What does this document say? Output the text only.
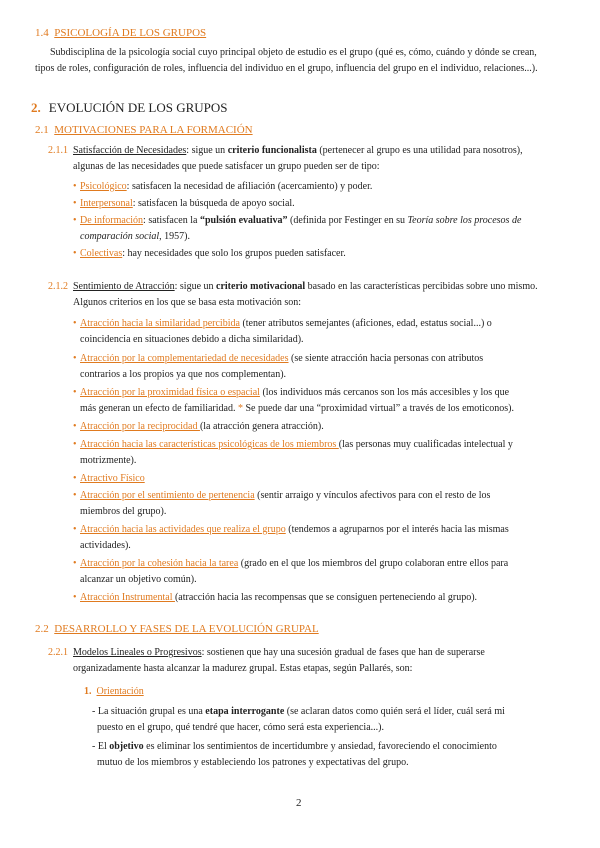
1.4 PSICOLOGÍA DE LOS GRUPOS
Subdisciplina de la psicología social cuyo principal objeto de estudio es el grupo (qué es, cómo, cuándo y dónde se crean,
tipos de roles, configuración de roles, influencia del individuo en el grupo, influencia del grupo en el individuo, relaciones...).
2. EVOLUCIÓN DE LOS GRUPOS
2.1 MOTIVACIONES PARA LA FORMACIÓN
2.1.1 Satisfacción de Necesidades: sigue un criterio funcionalista (pertenecer al grupo es una utilidad para nosotros),
algunas de las necesidades que puede satisfacer un grupo pueden ser de tipo:
• Psicológico: satisfacen la necesidad de afiliación (acercamiento) y poder.
• Interpersonal: satisfacen la búsqueda de apoyo social.
• De información: satisfacen la “pulsión evaluativa” (definida por Festinger en su Teoría sobre los procesos de
comparación social, 1957).
• Colectivas: hay necesidades que solo los grupos pueden satisfacer.
2.1.2 Sentimiento de Atracción: sigue un criterio motivacional basado en las características percibidas sobre uno mismo.
Algunos criterios en los que se basa esta motivación son:
• Atracción hacia la similaridad percibida (tener atributos semejantes (aficiones, edad, estatus social...) o
coincidencia en situaciones debido a dicha similaridad).
• Atracción por la complementariedad de necesidades (se siente atracción hacia personas con atributos
contrarios a los propios ya que nos complementan).
• Atracción por la proximidad física o espacial (los individuos más cercanos son los más accesibles y los que
más generan un efecto de familiaridad. * Se puede dar una “proximidad virtual” a través de los emoticonos).
• Atracción por la reciprocidad (la atracción genera atracción).
• Atracción hacia las características psicológicas de los miembros (las personas muy cualificadas intelectual y
motrizmente).
• Atractivo Físico
• Atracción por el sentimiento de pertenencia (sentir arraigo y vínculos afectivos para con el resto de los
miembros del grupo).
• Atracción hacia las actividades que realiza el grupo (tendemos a agruparnos por el interés hacia las mismas
actividades).
• Atracción por la cohesión hacia la tarea (grado en el que los miembros del grupo colaboran entre ellos para
alcanzar un objetivo común).
• Atracción Instrumental (atracción hacia las recompensas que se consiguen perteneciendo al grupo).
2.2 DESARROLLO Y FASES DE LA EVOLUCIÓN GRUPAL
2.2.1 Modelos Lineales o Progresivos: sostienen que hay una sucesión gradual de fases que han de superarse
organizadamente hasta alcanzar la madurez grupal. Estas etapas, según Pallarés, son:
1. Orientación
- La situación grupal es una etapa interrogante (se aclaran datos como quién será el líder, cuál será mi
puesto en el grupo, qué tendré que hacer, cómo será esta experiencia...).
- El objetivo es eliminar los sentimientos de incertidumbre y ansiedad, favoreciendo el conocimiento
mutuo de los miembros y estableciendo los patrones y expectativas del grupo.
2
